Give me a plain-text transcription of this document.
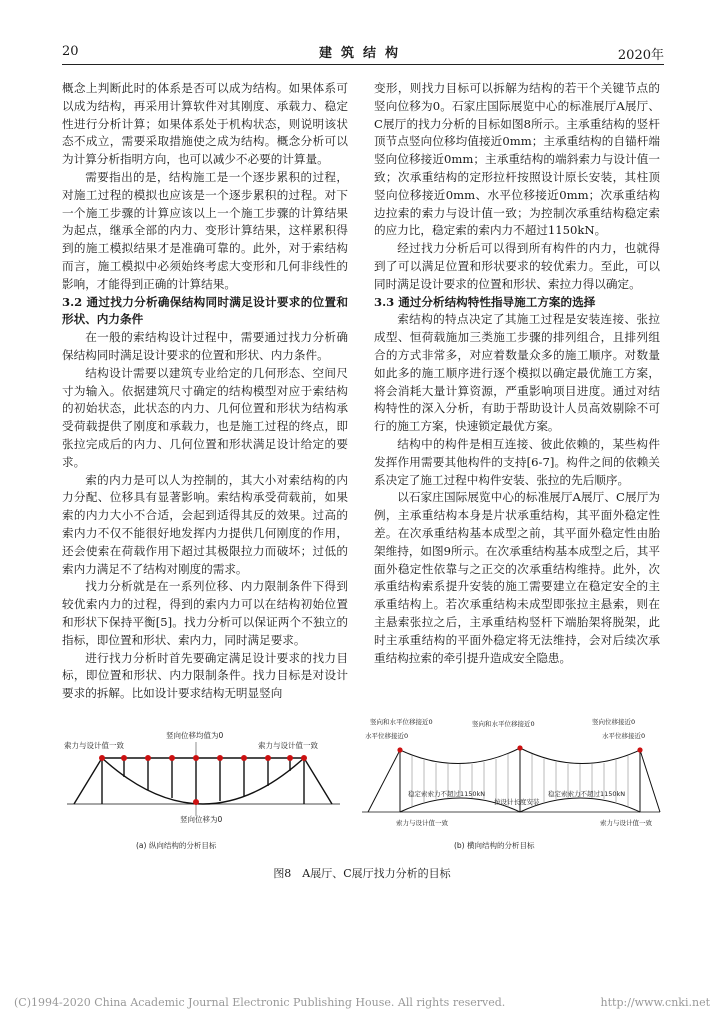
20	建筑结构	2020年

概念上判断此时的体系是否可以成为结构。如果体系可以成为结构，再采用计算软件对其刚度、承载力、稳定性进行分析计算；如果体系处于机构状态，则说明该状态不成立，需要采取措施使之成为结构。概念分析可以为计算分析指明方向，也可以减少不必要的计算量。

需要指出的是，结构施工是一个逐步累积的过程，对施工过程的模拟也应该是一个逐步累积的过程。对下一个施工步骤的计算应该以上一个施工步骤的计算结果为起点，继承全部的内力、变形计算结果，这样累积得到的施工模拟结果才是准确可靠的。此外，对于索结构而言，施工模拟中必须始终考虑大变形和几何非线性的影响，才能得到正确的计算结果。

3.2 通过找力分析确保结构同时满足设计要求的位置和形状、内力条件

在一般的索结构设计过程中，需要通过找力分析确保结构同时满足设计要求的位置和形状、内力条件。

结构设计需要以建筑专业给定的几何形态、空间尺寸为输入。依据建筑尺寸确定的结构模型对应于索结构的初始状态，此状态的内力、几何位置和形状为结构承受荷载提供了刚度和承载力，也是施工过程的终点，即张拉完成后的内力、几何位置和形状满足设计给定的要求。

索的内力是可以人为控制的，其大小对索结构的内力分配、位移具有显著影响。索结构承受荷载前，如果索的内力大小不合适，会起到适得其反的效果。过高的索内力不仅不能很好地发挥内力提供几何刚度的作用，还会使索在荷载作用下超过其极限拉力而破坏；过低的索内力满足不了结构对刚度的需求。

找力分析就是在一系列位移、内力限制条件下得到较优索内力的过程，得到的索内力可以在结构初始位置和形状下保持平衡[5]。找力分析可以保证两个不独立的指标，即位置和形状、索内力，同时满足要求。

进行找力分析时首先要确定满足设计要求的找力目标，即位置和形状、内力限制条件。找力目标是对设计要求的拆解。比如设计要求结构无明显竖向

变形，则找力目标可以拆解为结构的若干个关键节点的竖向位移为0。石家庄国际展览中心的标准展厅A展厅、C展厅的找力分析的目标如图8所示。主承重结构的竖杆顶节点竖向位移均值接近0mm；主承重结构的自锚杆端竖向位移接近0mm；主承重结构的端斜索力与设计值一致；次承重结构的定形拉杆按照设计原长安装，其柱顶竖向位移接近0mm、水平位移接近0mm；次承重结构边拉索的索力与设计值一致；为控制次承重结构稳定索的应力比，稳定索的索内力不超过1150kN。

经过找力分析后可以得到所有构件的内力，也就得到了可以满足位置和形状要求的较优索力。至此，可以同时满足设计要求的位置和形状、索拉力得以确定。

3.3 通过分析结构特性指导施工方案的选择

索结构的特点决定了其施工过程是安装连接、张拉成型、恒荷载施加三类施工步骤的排列组合，且排列组合的方式非常多，对应着数量众多的施工顺序。对数量如此多的施工顺序进行逐个模拟以确定最优施工方案，将会消耗大量计算资源，严重影响项目进度。通过对结构特性的深入分析，有助于帮助设计人员高效剔除不可行的施工方案，快速锁定最优方案。

结构中的构件是相互连接、彼此依赖的，某些构件发挥作用需要其他构件的支持[6-7]。构件之间的依赖关系决定了施工过程中构件安装、张拉的先后顺序。

以石家庄国际展览中心的标准展厅A展厅、C展厅为例，主承重结构本身是片状承重结构，其平面外稳定性差。在次承重结构基本成型之前，其平面外稳定性由胎架维持，如图9所示。在次承重结构基本成型之后，其平面外稳定性依靠与之正交的次承重结构维持。此外，次承重结构索系提升安装的施工需要建立在稳定安全的主承重结构上。若次承重结构未成型即张拉主悬索，则在主悬索张拉之后，主承重结构竖杆下端胎架将脱架，此时主承重结构的平面外稳定将无法维持，会对后续次承重结构拉索的牵引提升造成安全隐患。

竖向位移均值为0
索力与设计值一致	索力与设计值一致
竖向位移为0
(a) 纵向结构的分析目标
竖向和水平位移接近0	竖向和水平位移接近0	竖向位移接近0
水平位移接近0	水平位移接近0
稳定索索力不超过1150kN	稳定索索力不超过1150kN
按设计长度安装
索力与设计值一致	索力与设计值一致
(b) 横向结构的分析目标
图8　A展厅、C展厅找力分析的目标
(C)1994-2020 China Academic Journal Electronic Publishing House. All rights reserved.	http://www.cnki.net
